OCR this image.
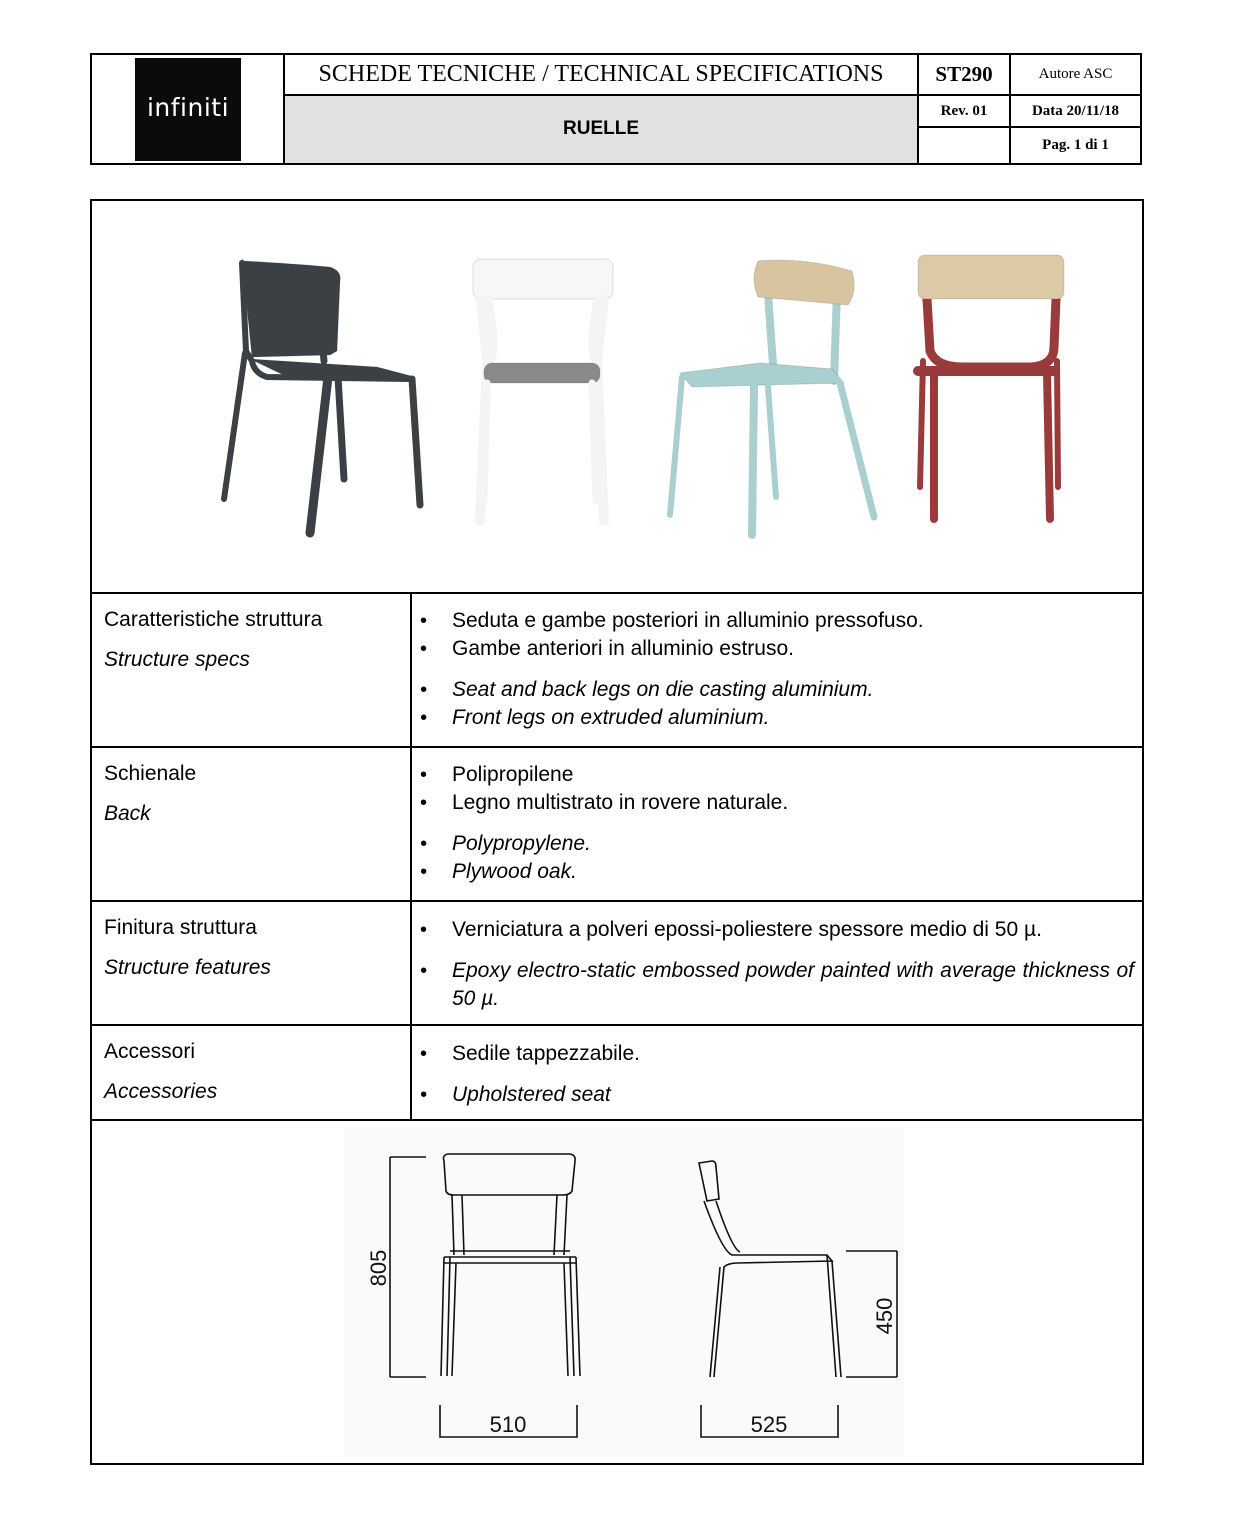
infiniti
SCHEDE TECNICHE / TECHNICAL SPECIFICATIONS
RUELLE
ST290	Autore ASC
Rev. 01	Data 20/11/18
Pag. 1 di 1
Caratteristiche struttura
Structure specs
• Seduta e gambe posteriori in alluminio pressofuso.
• Gambe anteriori in alluminio estruso.
• Seat and back legs on die casting aluminium.
• Front legs on extruded aluminium.
Schienale
Back
• Polipropilene
• Legno multistrato in rovere naturale.
• Polypropylene.
• Plywood oak.
Finitura struttura
Structure features
• Verniciatura a polveri epossi-poliestere spessore medio di 50 µ.
• Epoxy electro-static embossed powder painted with average thickness of 50 µ.
Accessori
Accessories
• Sedile tappezzabile.
• Upholstered seat
805
510	525
450
